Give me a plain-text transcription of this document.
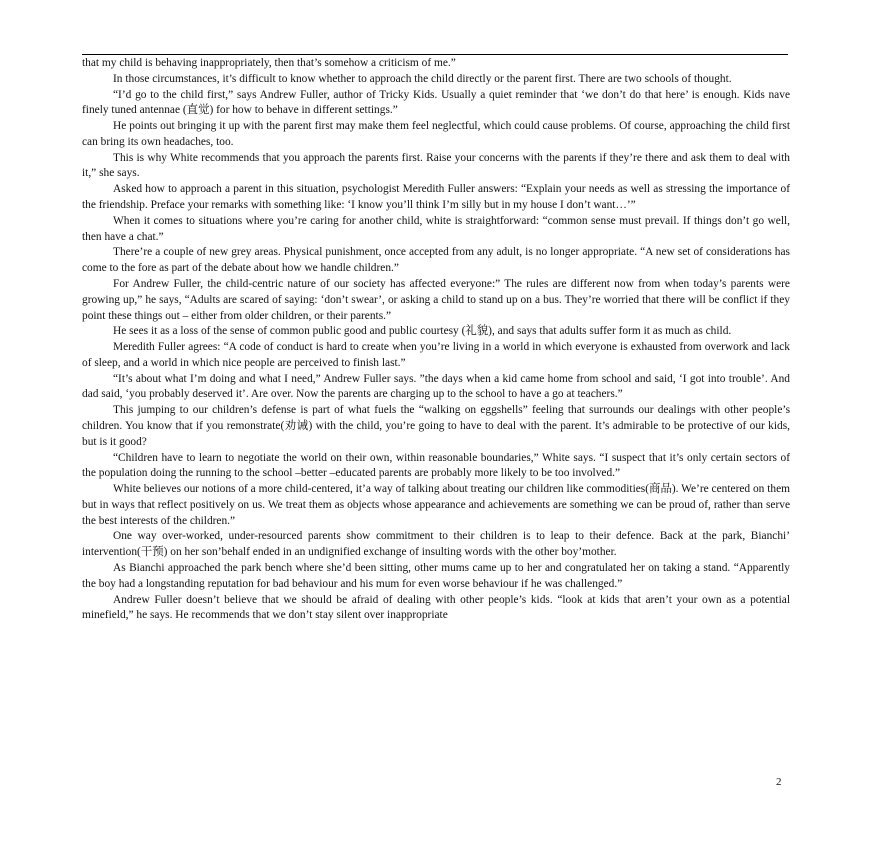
that my child is behaving inappropriately, then that’s somehow a criticism of me.”

In those circumstances, it’s difficult to know whether to approach the child directly or the parent first. There are two schools of thought.

“I’d go to the child first,” says Andrew Fuller, author of Tricky Kids. Usually a quiet reminder that ‘we don’t do that here’ is enough. Kids nave finely tuned antennae (直觉) for how to behave in different settings.”

He points out bringing it up with the parent first may make them feel neglectful, which could cause problems. Of course, approaching the child first can bring its own headaches, too.

This is why White recommends that you approach the parents first. Raise your concerns with the parents if they’re there and ask them to deal with it,” she says.

Asked how to approach a parent in this situation, psychologist Meredith Fuller answers: “Explain your needs as well as stressing the importance of the friendship. Preface your remarks with something like: ‘I know you’ll think I’m silly but in my house I don’t want…’”

When it comes to situations where you’re caring for another child, white is straightforward: “common sense must prevail. If things don’t go well, then have a chat.”

There’re a couple of new grey areas. Physical punishment, once accepted from any adult, is no longer appropriate. “A new set of considerations has come to the fore as part of the debate about how we handle children.”

For Andrew Fuller, the child-centric nature of our society has affected everyone:” The rules are different now from when today’s parents were growing up,” he says, “Adults are scared of saying: ‘don’t swear’, or asking a child to stand up on a bus. They’re worried that there will be conflict if they point these things out – either from older children, or their parents.”

He sees it as a loss of the sense of common public good and public courtesy (礼貌), and says that adults suffer form it as much as child.

Meredith Fuller agrees: “A code of conduct is hard to create when you’re living in a world in which everyone is exhausted from overwork and lack of sleep, and a world in which nice people are perceived to finish last.”

“It’s about what I’m doing and what I need,” Andrew Fuller says. ”the days when a kid came home from school and said, ‘I got into trouble’. And dad said, ‘you probably deserved it’. Are over. Now the parents are charging up to the school to have a go at teachers.”

This jumping to our children’s defense is part of what fuels the “walking on eggshells” feeling that surrounds our dealings with other people’s children. You know that if you remonstrate(劝诫) with the child, you’re going to have to deal with the parent. It’s admirable to be protective of our kids, but is it good?

“Children have to learn to negotiate the world on their own, within reasonable boundaries,” White says. “I suspect that it’s only certain sectors of the population doing the running to the school –better –educated parents are probably more likely to be too involved.”

White believes our notions of a more child-centered, it’a way of talking about treating our children like commodities(商品). We’re centered on them but in ways that reflect positively on us. We treat them as objects whose appearance and achievements are something we can be proud of, rather than serve the best interests of the children.”

One way over-worked, under-resourced parents show commitment to their children is to leap to their defence. Back at the park, Bianchi’ intervention(干预) on her son’behalf ended in an undignified exchange of insulting words with the other boy’mother.

As Bianchi approached the park bench where she’d been sitting, other mums came up to her and congratulated her on taking a stand. “Apparently the boy had a longstanding reputation for bad behaviour and his mum for even worse behaviour if he was challenged.”

Andrew Fuller doesn’t believe that we should be afraid of dealing with other people’s kids. “look at kids that aren’t your own as a potential minefield,” he says. He recommends that we don’t stay silent over inappropriate

2
